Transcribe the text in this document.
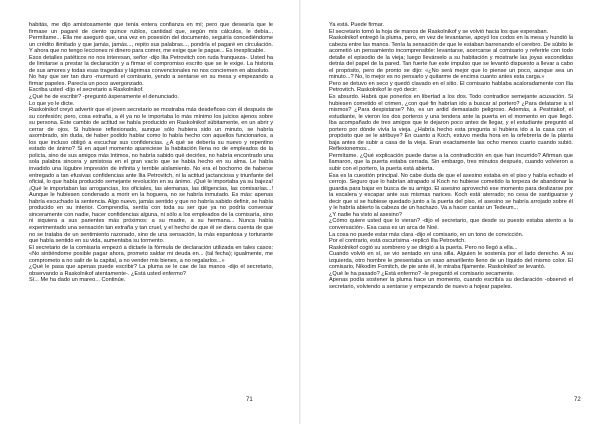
habitás, me dijo amistosamente que tenía entera confianza en mí; pero que desearía que le firmase un pagaré de ciento quince rublos, cantidad que, según mis cálculos, le debía... Permítame... Ella me aseguró que, una vez en posesión del documento, seguiría concediéndome un crédito ilimitado y que jamás, jamás..., repito sus palabras..., pondría el pagaré en circulación. Y ahora que no tengo lecciones ni dinero para comer, me exige que le pague... Es inexplicable.

Esos detalles patéticos no nos interesan, señor -dijo Ilia Petrovitch con ruda franqueza-. Usted ha de limitarse a prestar la declaración y a firmar el compromiso escrito que se le exige. La historia de sus amores y todas esas tragedias y lágrimas convencionales no nos conciernen en absoluto.

No hay que ser tan duro -murmuró el comisario, yendo a sentarse en su mesa y empezando a firmar papeles. Parecía un poco avergonzado.

Escriba usted -dijo el secretario a Raskolnikof.

¿Qué he de escribir? -preguntó ásperamente el denunciado.

Lo que yo le dicte.

Raskolnikof creyó advertir que el joven secretario se mostraba más desdeñoso con él después de su confesión; pero, cosa extraña, a él ya no le importaba lo más mínimo los juicios ajenos sobre su persona. Este cambio de actitud se había producido en Raskolnikof súbitamente, en un abrir y cerrar de ojos. Si hubiese reflexionado, aunque sólo hubiera sido un minuto, se habría asombrado, sin duda, de haber podido hablar como lo había hecho con aquellos funcionarios, a los que incluso obligó a escuchar sus confidencias. ¿A qué se debería su nuevo y repentino estado de ánimo? Si en aquel momento apareciese la habitación llena no de empleados de la policía, sino de sus amigos más íntimos, no habría sabido qué decirles, no habría encontrado una sola palabra sincera y amistosa en el gran vacío que se había hecho en su alma. Le había invadido una lúgubre impresión de infinita y terrible aislamiento. No era el bochorno de haberse entregado a tan efusivas confidencias ante Ilia Petrovitch, ni la actitud jactanciosa y triunfante del oficial, lo que había producido semejante revolución en su ánimo. ¡Qué le importaba ya su bajeza! ¡Qué le importaban las arrogancias, los oficiales, las alemanas, las diligencias, las comisarías...! Aunque le hubiesen condenado a morir en la hoguera, no se habría inmutado. Es más: apenas habría escuchado la sentencia. Algo nuevo, jamás sentido y que no habría sabido definir, se había producido en su interior. Comprendía, sentía con toda su ser que ya no podría conversar sinceramente con nadie, hacer confidencias alguna, ni sólo a los empleados de la comisaría, sino ni siquiera a sus parientes más próximos: a su madre, a su hermana... Nunca había experimentado una sensación tan extraña y tan cruel, y el hecho de que él se diera cuenta de que no se trataba de un sentimiento razonado, sino de una sensación, la más espantosa y torturante que había sentido en su vida, aumentaba su tormento.

El secretario de la comisaría empezó a dictarle la fórmula de declaración utilizada en tales casos: «No sintiéndome posible pagar ahora, prometo saldar mi deuda en... (tal fecha); igualmente, me comprometo a no salir de la capital, a no vender mis bienes, a no regalarlos...»

¿Qué le pasa que apenas puede escribir? La pluma se le cae de las manos -dijo el secretario, observando a Raskolnikof atentamente-. ¿Está usted enfermo?

Sí... Me ha dado un mareo... Continúe.

71

Ya está. Puede firmar.

El secretario tomó la hoja de manos de Raskolnikof y se volvió hacia los que esperaban.

Raskolnikof entregó la pluma, pero, en vez de levantarse, apoyó los codos en la mesa y hundió la cabeza entre las manos. Tenía la sensación de que le estaban barrenando el cerebro. De súbito le acometió un pensamiento incomprensible: levantarse, acercarse al comisario y referirle con todo detalle el episodio de la vieja; luego llevárselo a su habitación y mostrarle las joyas escondidas detrás del papel de la pared. Tan fuerte fue este impulso que se levantó dispuesto a llevar a cabo el propósito, pero de pronto se dijo: «¿No será mejor que lo piense un poco, aunque sea un minuto...? No, lo mejor es no pensarlo y quitarme de encima cuanto antes esta carga.»

Pero se detuvo en seco y quedó clavado en el sitio. El comisario hablaba acaloradamente con Ilia Petrovitch. Raskolnikof le oyó decir:

Es absurdo. Habrá que ponerlos en libertad a los dos. Todo contradice semejante acusación. Si hubiesen cometido el crimen, ¿con qué fin habrían ido a buscar al portero? ¿Para delatarse a sí mismos? ¿Para despistarse? No, es un ardid demasiado peligroso. Además, a Pestriakof, el estudiante, le vieron los dos porteros y una tendera ante la puerta en el momento en que llegó. Iba acompañado de tres amigos que le dejaron poco antes de llegar, y el estudiante preguntó al portero por dónde vivía la vieja. ¿Habría hecho esta pregunta si hubiera ido a la casa con el propósito que se le atribuye? En cuanto a Koch, estuvo media hora en la orfebrería de la planta baja antes de subir a casa de la vieja. Eran exactamente las ocho menos cuarto cuando subió. Reflexionemos...

Permítame. ¿Qué explicación puede darse a la contradicción en que han incurrido? Afirman que llamaron, que la puerta estaba cerrada. Sin embargo, tres minutos después, cuando volvieron a subir con el portero, la puerta está abierta.

Ésa es la cuestión principal. No cabe duda de que el asesino estaba en el piso y había echado el cerrojo. Seguro que lo habrían atrapado si Koch no hubiese cometido la torpeza de abandonar la guardia para bajar en busca de su amigo. El asesino aprovechó ese momento para deslizarse por la escalera y escapar ante sus mismas narices. Koch está aterrado; no cesa de santiguarse y decir que si se hubiese quedado junto a la puerta del piso, el asesino se habría arrojado sobre él y le habría abierto la cabeza de un hachazo. Va a hacer cantar un Tedeum...

¿Y nadie ha visto al asesino?

¿Cómo quiere usted que lo vieran? -dijo el secretario, que desde su puesto estaba atento a la conversación-. Esa casa es un arca de Noé.

La cosa no puede estar más clara -dijo el comisario, en un tono de convicción.

Por el contrario, está oscurísima -replicó Ilia Petrovitch.

Raskolnikof cogió su sombrero y se dirigió a la puerta. Pero no llegó a ella...

Cuando volvió en sí, se vio sentado en una silla. Alguien le sostenía por el lado derecho. A su izquierda, otro hombre le presentaba un vaso amarillento lleno de un líquido del mismo color. El comisario, Nikodim Fomitch, de pie ante él, le miraba fijamente. Raskolnikof se levantó.

¿Qué le ha pasado? ¿Está enfermo? -le preguntó el comisario secamente.

Apenas podía sostener la pluma hace un momento, cuando escribía su declaración -observó el secretario, volviendo a sentarse y empezando de nuevo a hojear papeles.

72
